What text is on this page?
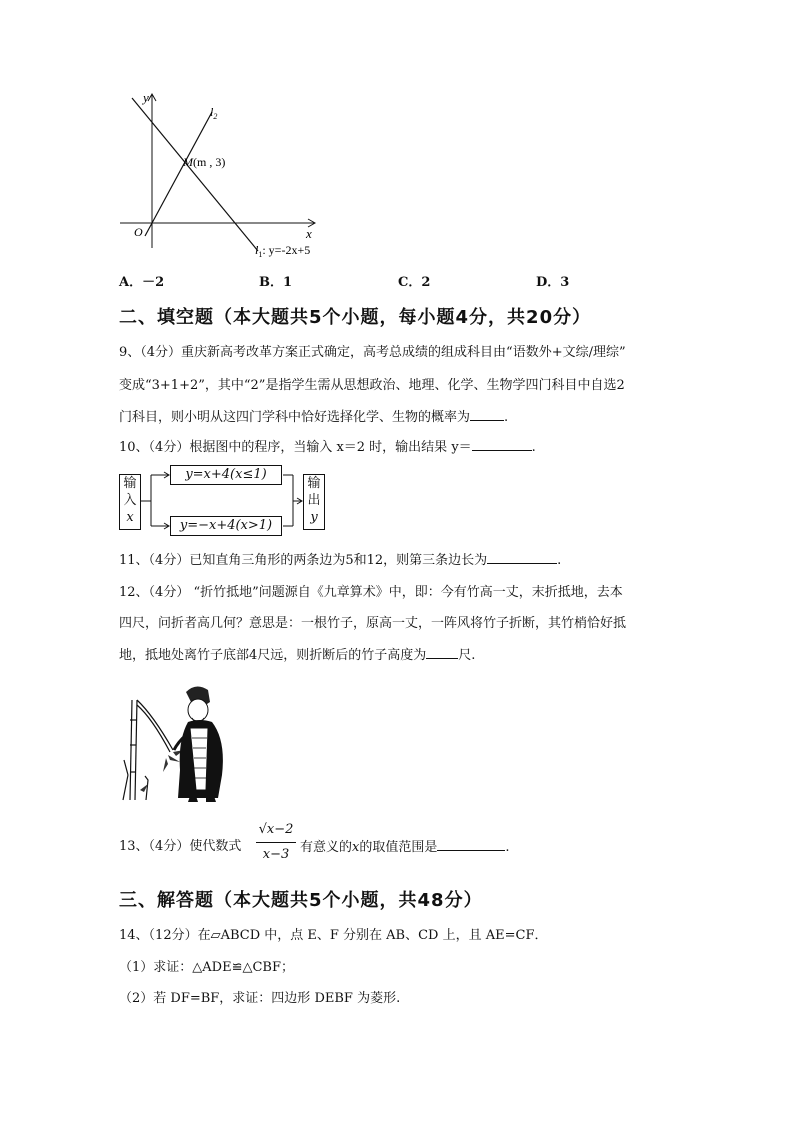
y
x
O
$l_2$
M(m , 3)
$l_1$: y=-2x+5
A．－2	B．1	C．2	D．3
二、填空题（本大题共5个小题，每小题4分，共20分）
9、（4分）重庆新高考改革方案正式确定，高考总成绩的组成科目由“语数外+文综/理综”
变成“3+1+2”，其中“2”是指学生需从思想政治、地理、化学、生物学四门科目中自选2
门科目，则小明从这四门学科中恰好选择化学、生物的概率为	.
10、（4分）根据图中的程序，当输入 x＝2 时，输出结果 y＝	.
输
入
x
y=x+4(x≤1)
y=−x+4(x>1)
输
出
y
11、（4分）已知直角三角形的两条边为5和12，则第三条边长为	.
12、（4分） “折竹抵地”问题源自《九章算术》中，即：今有竹高一丈，末折抵地，去本
四尺，问折者高几何？意思是：一根竹子，原高一丈，一阵风将竹子折断，其竹梢恰好抵
地，抵地处离竹子底部4尺远，则折断后的竹子高度为 尺.
13、（4分）使代数式
√x−2
x−3 有意义的x的取值范围是	.
三、解答题（本大题共5个小题，共48分）
14、（12分）在▱ABCD 中，点 E、F 分别在 AB、CD 上，且 AE=CF．
（1）求证：△ADE≌△CBF；
（2）若 DF=BF，求证：四边形 DEBF 为菱形.
